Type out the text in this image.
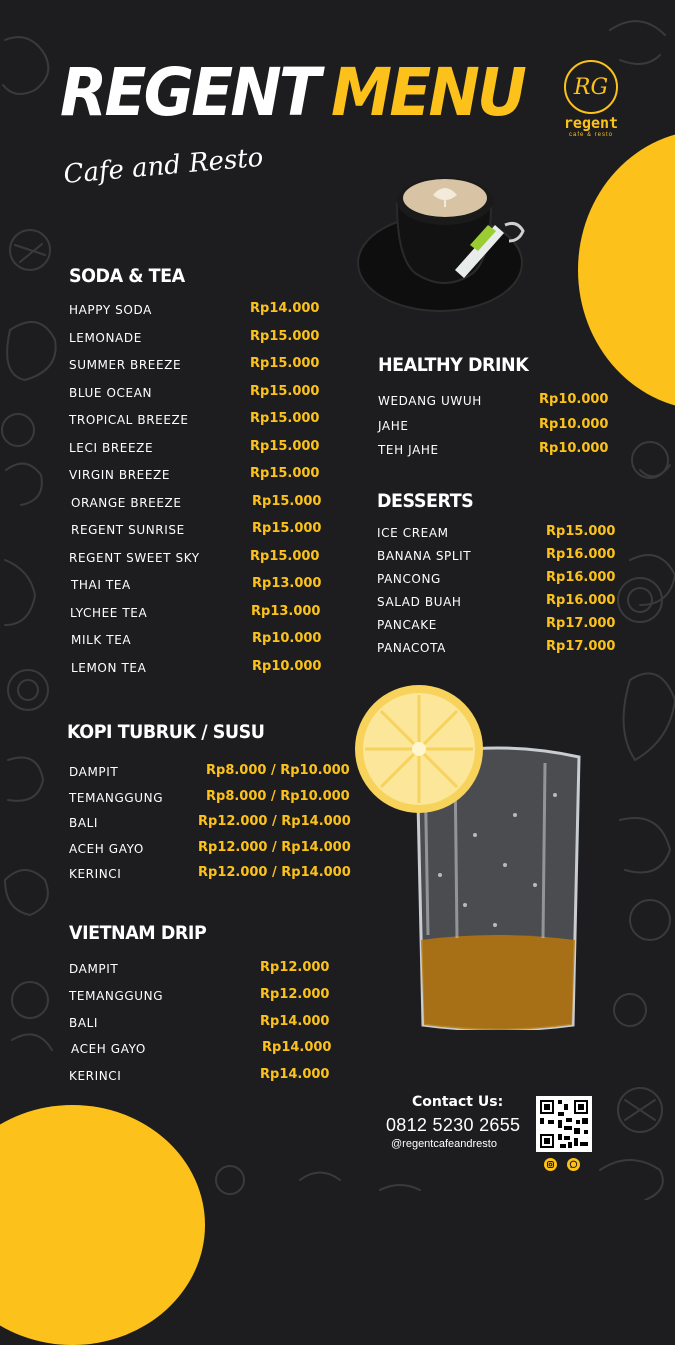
REGENT MENU
Cafe and Resto
RG
regent
cafe & resto
SODA & TEA
HAPPY SODA	Rp14.000
LEMONADE	Rp15.000
SUMMER BREEZE	Rp15.000
BLUE OCEAN	Rp15.000
TROPICAL BREEZE	Rp15.000
LECI BREEZE	Rp15.000
VIRGIN BREEZE	Rp15.000
ORANGE BREEZE	Rp15.000
REGENT SUNRISE	Rp15.000
REGENT SWEET SKY	Rp15.000
THAI TEA	Rp13.000
LYCHEE TEA	Rp13.000
MILK TEA	Rp10.000
LEMON TEA	Rp10.000
HEALTHY DRINK
WEDANG UWUH	Rp10.000
JAHE	Rp10.000
TEH JAHE	Rp10.000
DESSERTS
ICE CREAM	Rp15.000
BANANA SPLIT	Rp16.000
PANCONG	Rp16.000
SALAD BUAH	Rp16.000
PANCAKE	Rp17.000
PANACOTA	Rp17.000
KOPI TUBRUK / SUSU
DAMPIT	Rp8.000 / Rp10.000
TEMANGGUNG	Rp8.000 / Rp10.000
BALI	Rp12.000 / Rp14.000
ACEH GAYO	Rp12.000 / Rp14.000
KERINCI	Rp12.000 / Rp14.000
VIETNAM DRIP
DAMPIT	Rp12.000
TEMANGGUNG	Rp12.000
BALI	Rp14.000
ACEH GAYO	Rp14.000
KERINCI	Rp14.000
Contact Us:
0812 5230 2655
@regentcafeandresto
